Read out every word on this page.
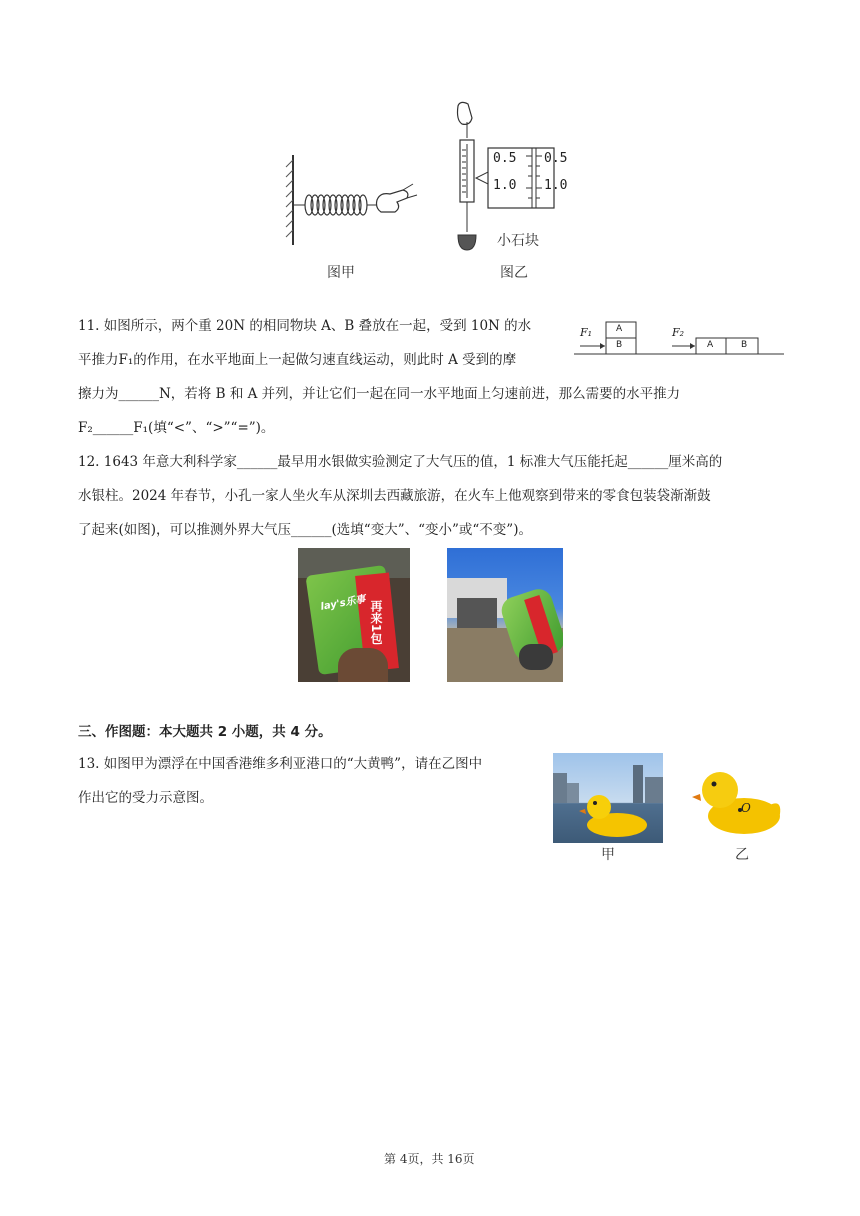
0.5
1.0
0.5
1.0
小石块
图甲	图乙
11. 如图所示，两个重 20N 的相同物块 A、B 叠放在一起，受到 10N 的水
平推力F₁的作用，在水平地面上一起做匀速直线运动，则此时 A 受到的摩
擦力为______N，若将 B 和 A 并列，并让它们一起在同一水平地面上匀速前进，那么需要的水平推力
F₂______F₁(填“<”、“>”“=”)。
F₁	A
B
F₂
A	B
12. 1643 年意大利科学家______最早用水银做实验测定了大气压的值，1 标准大气压能托起______厘米高的
水银柱。2024 年春节，小孔一家人坐火车从深圳去西藏旅游，在火车上他观察到带来的零食包装袋渐渐鼓
了起来(如图)，可以推测外界大气压______(选填“变大”、“变小”或“不变”)。
lay's乐事 再来1包
三、作图题：本大题共 2 小题，共 4 分。
13. 如图甲为漂浮在中国香港维多利亚港口的“大黄鸭”，请在乙图中
作出它的受力示意图。
甲
O
乙
第 4页，共 16页
